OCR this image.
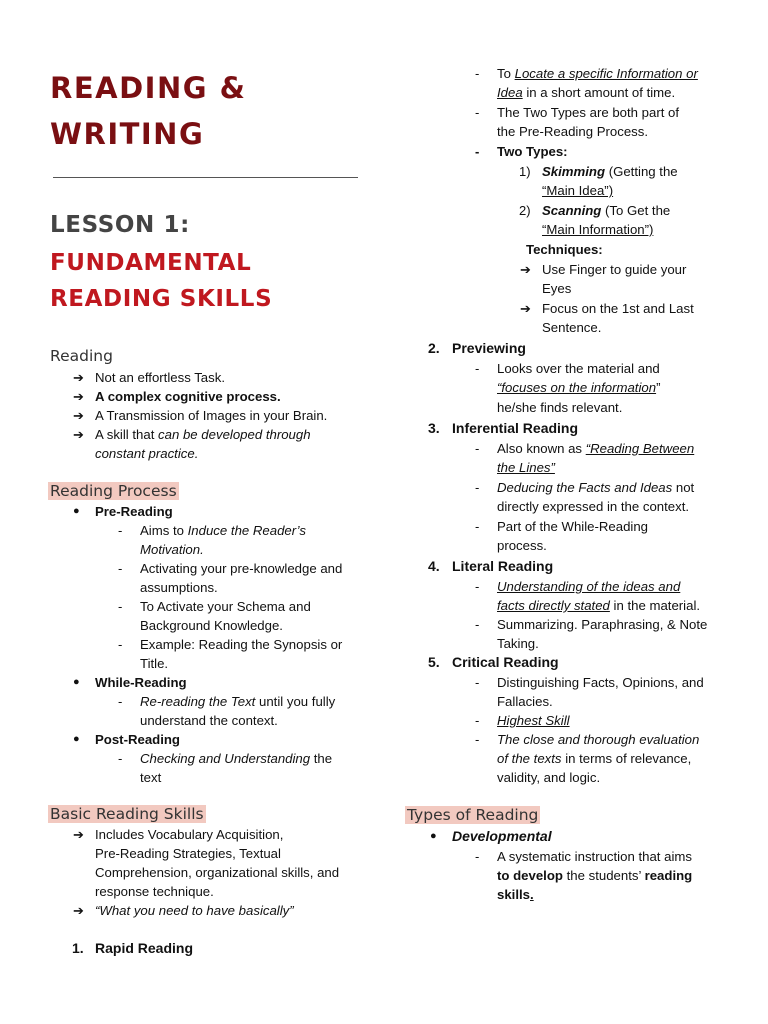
READING &
WRITING
LESSON 1:
FUNDAMENTAL
READING SKILLS
Reading
➔ Not an effortless Task.
➔ A complex cognitive process.
➔ A Transmission of Images in your Brain.
➔ A skill that can be developed through
constant practice.
Reading Process
● Pre-Reading
- Aims to Induce the Reader’s
Motivation.
- Activating your pre-knowledge and
assumptions.
- To Activate your Schema and
Background Knowledge.
- Example: Reading the Synopsis or
Title.
● While-Reading
- Re-reading the Text until you fully
understand the context.
● Post-Reading
- Checking and Understanding the
text
Basic Reading Skills
➔ Includes Vocabulary Acquisition,
Pre-Reading Strategies, Textual
Comprehension, organizational skills, and
response technique.
➔ “What you need to have basically”
1. Rapid Reading
- To Locate a specific Information or
Idea in a short amount of time.
- The Two Types are both part of
the Pre-Reading Process.
- Two Types:
1) Skimming (Getting the
“Main Idea”)
2) Scanning (To Get the
“Main Information”)
Techniques:
➔ Use Finger to guide your
Eyes
➔ Focus on the 1st and Last
Sentence.
2. Previewing
- Looks over the material and
“focuses on the information”
he/she finds relevant.
3. Inferential Reading
- Also known as “Reading Between
the Lines”
- Deducing the Facts and Ideas not
directly expressed in the context.
- Part of the While-Reading
process.
4. Literal Reading
- Understanding of the ideas and
facts directly stated in the material.
- Summarizing. Paraphrasing, & Note
Taking.
5. Critical Reading
- Distinguishing Facts, Opinions, and
Fallacies.
- Highest Skill
- The close and thorough evaluation
of the texts in terms of relevance,
validity, and logic.
Types of Reading
● Developmental
- A systematic instruction that aims
to develop the students’ reading
skills.
